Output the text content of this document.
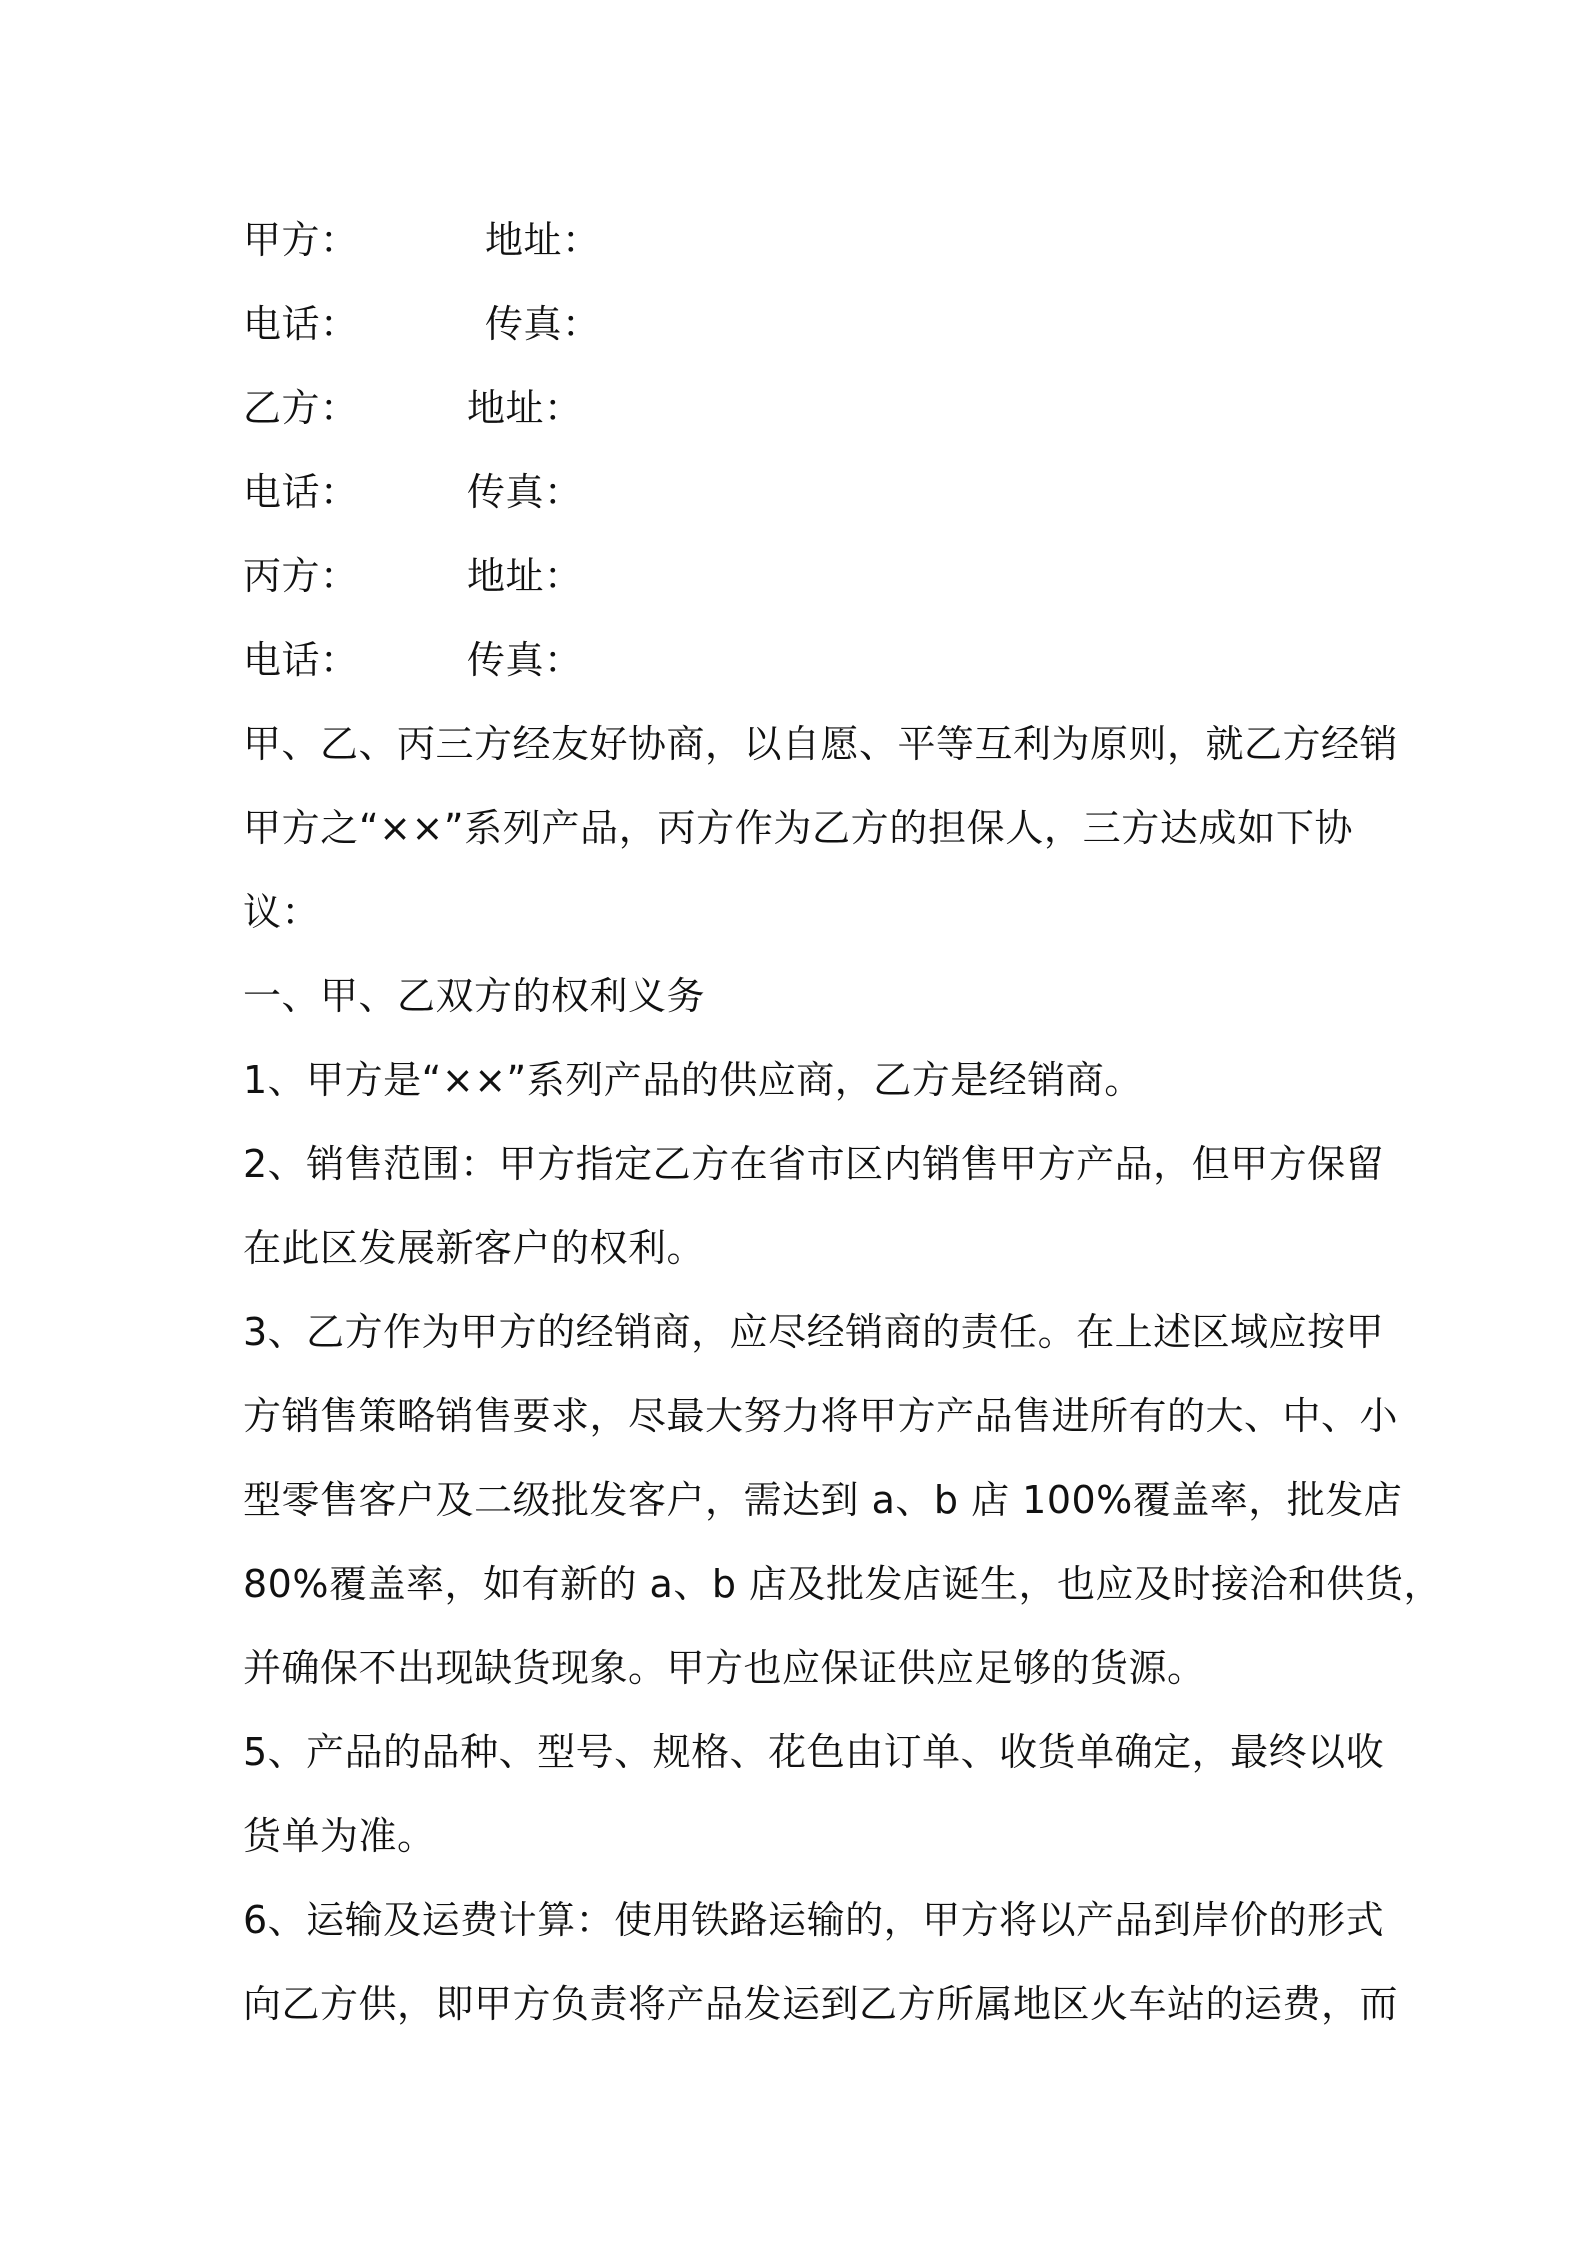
甲方：	地址：
电话：	传真：
乙方：	地址：
电话：	传真：
丙方：	地址：
电话：	传真：
甲、乙、丙三方经友好协商，以自愿、平等互利为原则，就乙方经销
甲方之“××”系列产品，丙方作为乙方的担保人，三方达成如下协
议：
一、甲、乙双方的权利义务
1、甲方是“××”系列产品的供应商，乙方是经销商。
2、销售范围：甲方指定乙方在省市区内销售甲方产品，但甲方保留
在此区发展新客户的权利。
3、乙方作为甲方的经销商，应尽经销商的责任。在上述区域应按甲
方销售策略销售要求，尽最大努力将甲方产品售进所有的大、中、小
型零售客户及二级批发客户，需达到 a、b 店 100%覆盖率，批发店
80%覆盖率，如有新的 a、b 店及批发店诞生，也应及时接洽和供货，
并确保不出现缺货现象。甲方也应保证供应足够的货源。
5、产品的品种、型号、规格、花色由订单、收货单确定，最终以收
货单为准。
6、运输及运费计算：使用铁路运输的，甲方将以产品到岸价的形式
向乙方供，即甲方负责将产品发运到乙方所属地区火车站的运费，而
